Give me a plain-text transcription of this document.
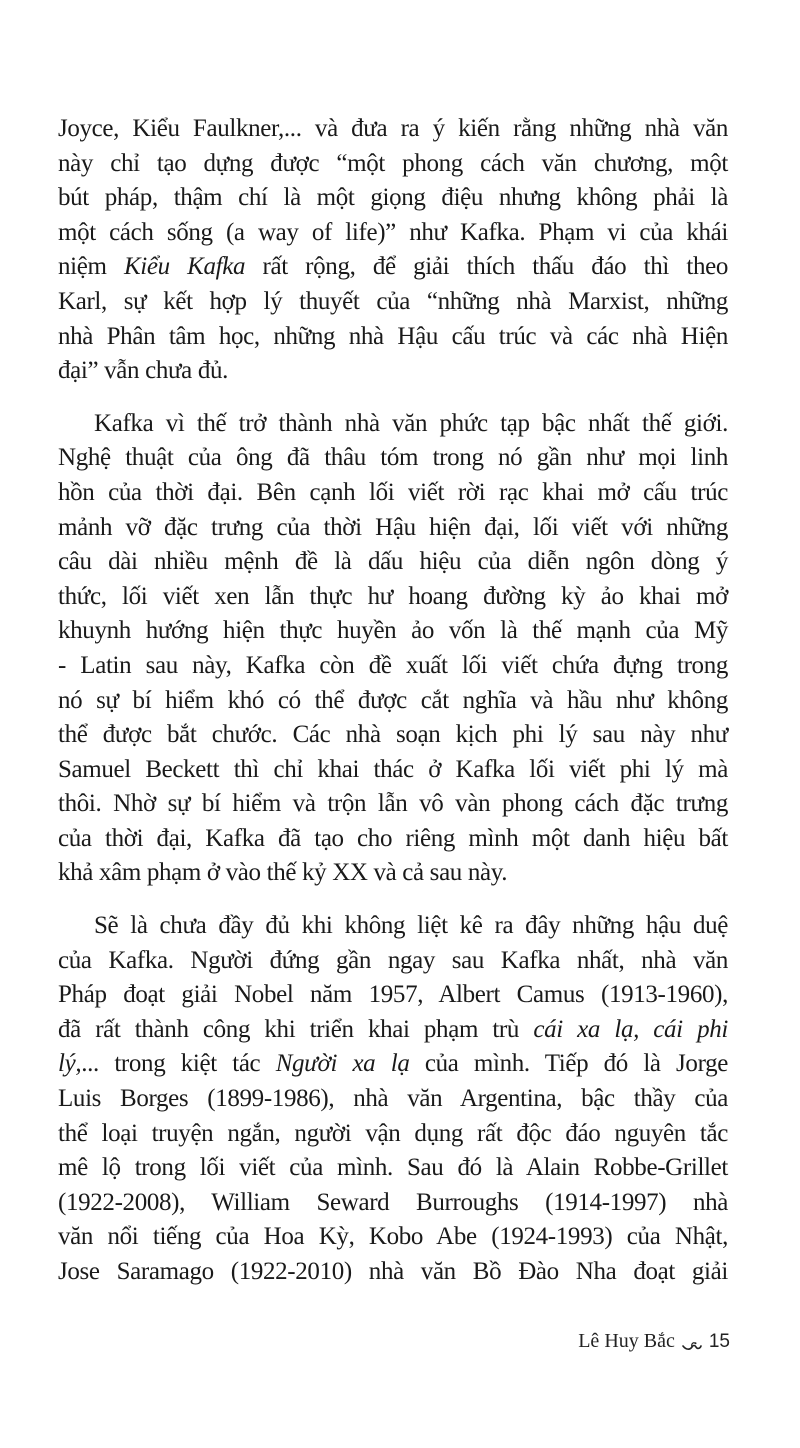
Joyce, Kiểu Faulkner,... và đưa ra ý kiến rằng những nhà văn
này chỉ tạo dựng được “một phong cách văn chương, một
bút pháp, thậm chí là một giọng điệu nhưng không phải là
một cách sống (a way of life)” như Kafka. Phạm vi của khái
niệm Kiểu Kafka rất rộng, để giải thích thấu đáo thì theo
Karl, sự kết hợp lý thuyết của “những nhà Marxist, những
nhà Phân tâm học, những nhà Hậu cấu trúc và các nhà Hiện
đại” vẫn chưa đủ.
Kafka vì thế trở thành nhà văn phức tạp bậc nhất thế giới.
Nghệ thuật của ông đã thâu tóm trong nó gần như mọi linh
hồn của thời đại. Bên cạnh lối viết rời rạc khai mở cấu trúc
mảnh vỡ đặc trưng của thời Hậu hiện đại, lối viết với những
câu dài nhiều mệnh đề là dấu hiệu của diễn ngôn dòng ý
thức, lối viết xen lẫn thực hư hoang đường kỳ ảo khai mở
khuynh hướng hiện thực huyền ảo vốn là thế mạnh của Mỹ
- Latin sau này, Kafka còn đề xuất lối viết chứa đựng trong
nó sự bí hiểm khó có thể được cắt nghĩa và hầu như không
thể được bắt chước. Các nhà soạn kịch phi lý sau này như
Samuel Beckett thì chỉ khai thác ở Kafka lối viết phi lý mà
thôi. Nhờ sự bí hiểm và trộn lẫn vô vàn phong cách đặc trưng
của thời đại, Kafka đã tạo cho riêng mình một danh hiệu bất
khả xâm phạm ở vào thế kỷ XX và cả sau này.
Sẽ là chưa đầy đủ khi không liệt kê ra đây những hậu duệ
của Kafka. Người đứng gần ngay sau Kafka nhất, nhà văn
Pháp đoạt giải Nobel năm 1957, Albert Camus (1913-1960),
đã rất thành công khi triển khai phạm trù cái xa lạ, cái phi
lý,... trong kiệt tác Người xa lạ của mình. Tiếp đó là Jorge
Luis Borges (1899-1986), nhà văn Argentina, bậc thầy của
thể loại truyện ngắn, người vận dụng rất độc đáo nguyên tắc
mê lộ trong lối viết của mình. Sau đó là Alain Robbe-Grillet
(1922-2008), William Seward Burroughs (1914-1997) nhà
văn nổi tiếng của Hoa Kỳ, Kobo Abe (1924-1993) của Nhật,
Jose Saramago (1922-2010) nhà văn Bồ Đào Nha đoạt giải
Lê Huy Bắc 15
